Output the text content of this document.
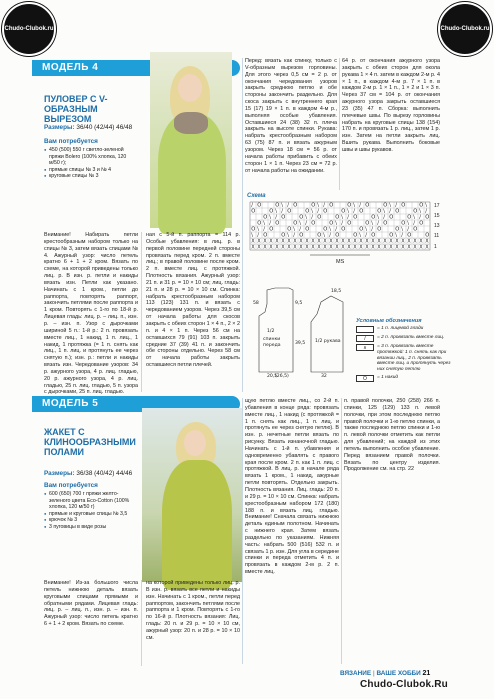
Chudo-Clubok.ru	Chudo-Clubok.ru
МОДЕЛЬ 4
ПУЛОВЕР С V-ОБРАЗНЫМ ВЫРЕЗОМ
Размеры: 36/40 (42/44) 46/48
Вам потребуется
● 450 (500) 550 г светло-зеленой пряжи Bolero (100% хлопка, 120 м/50 г);
● прямые спицы № 3 и № 4
● круговые спицы № 3
Внимание! Набирать петли крестообразным набором только на спицы № 3, затем вязать спицами № 4. Ажурный узор: число петель кратно 6 + 1 + 2 кром. Вязать по схеме, на которой приведены только лиц. р. В изн. р. петли и накиды вязать изн. Петли как указано. Начинать с 1 кром., петли до раппорта, повторять раппорт, закончить петлями после раппорта и 1 кром. Повторять с 1-го по 18-й р. Лицевая гладь: лиц. р. – лиц. п., изн. р. – изн. п. Узор с дырочками шириной 5 п.: 1-й р.: 2 п. провязать вместе лиц., 1 накид, 1 п. лиц., 1 накид, 1 протяжка (= 1 п. снять как лиц., 1 п. лиц. и протянуть ее через снятую п.); изн. р.: петли и накиды вязать изн. Чередование узоров: 34 р. ажурного узора, 4 р. лиц. гладью, 20 р. ажурного узора, 4 р. лиц. гладью, 25 п. лиц. гладью, 5 п. узора с дырочками, 25 п. лиц. гладью.
ная с 5-й п. раппорта = 114 р. Особые убавления: в лиц. р. в первой половине передней стороны провязать перед кром. 2 п. вместе лиц.; в правой половине после кром. 2 п. вместе лиц. с протяжкой. Плотность вязания. Ажурный узор: 21 п. и 31 р. = 10 × 10 см; лиц. гладь: 21 п. и 28 р. = 10 × 10 см. Спинка: набрать крестообразным набором 113 (123) 131 п. и вязать с чередованием узоров. Через 39,5 см от начала работы для скосов закрыть с обеих сторон 1 × 4 п., 2 × 2 п. и 4 × 1 п. Через 56 см на оставшихся 79 (91) 103 п. закрыть средние 37 (39) 41 п. и закончить обе стороны отдельно. Через 58 см от начала работы закрыть оставшиеся петли плечей.
Перед: вязать как спинку, только с V-образным вырезом горловины. Для этого через 0,5 см = 2 р. от окончания чередования узоров закрыть среднюю петлю и обе стороны закончить раздельно. Для скоса закрыть с внутреннего края 15 (17) 19 × 1 п. в каждом 4-м р., выполняя особые убавления. Оставшиеся 24 (38) 32 п. плеча закрыть на высоте спинки. Рукава: набрать крестообразным набором 63 (75) 87 п. и вязать ажурным узором. Через 18 см = 56 р. от начала работы прибавить с обеих сторон 1 × 1 п. Через 23 см = 72 р. от начала работы на ожидании.
64 р. от окончания ажурного узора закрыть с обеих сторон для окола рукава 1 × 4 п. затем в каждом 2-м р. 4 × 1 п., в каждом 4-м р. 7 × 1 п. в каждом 2-м р. 1 × 1 п., 1 × 2 и 1 × 3 п. Через 37 см = 104 р. от окончания ажурного узора закрыть оставшиеся 23 (35) 47 п. Сборка: выполнить плечевые швы. По вырезу горловины набрать на круговые спицы 138 (154) 170 п. и провязать 1 р. лиц., затем 1 р. изн. Затем на петли закрыть лиц. Вшить рукава. Выполнить боковые швы и швы рукавов.
Схема
/ O	O \ / O	O \ / O	O \ / O	O \ / O	O \
O	O \ / O	O \ / O	O \ / O	O \ / O	O \ /
O \ / O	O \ / O	O \ / O	O \ / O	O \ / O
O \ / O	O \ / O	O \ / O	O \ / O	O \ / O
O \ / O	O \ / O	O \ / O	O \ / O	O \ / O
\ / O	O \ / O	O \ / O	O \ / O	O \ / O	O
X X X X X X X X X X X X X X X X X X X X X X X X X X X X X X
X X X X X X X X X X X X X X X X X X X X X X X X X X X X X X
17
15
13
11
1
MS
1/2
спинки
переда
1/2 рукава
20,5
(26,5)	32
58	9,5
39,5
18,5
Условные обозначения
= 1 п. лицевой глади
/	= 2 п. провязать вместе лиц.
∧	= 3 п. провязать вместе протяжкой: 1 п. снять как при вязании лиц., 2 п. провязать вместе лиц. и протянуть через них снятую петлю
O	= 1 накид
МОДЕЛЬ 5
ЖАКЕТ С КЛИНООБРАЗНЫМИ ПОЛАМИ
Размеры: 36/38 (40/42) 44/46
Вам потребуется
● 600 (650) 700 г пряжи желто-зеленого цвета Eco-Cotton (100% хлопка, 120 м/50 г)
● прямые и круговые спицы № 3,5
● крючок № 3
● 3 пуговицы в виде розы
Внимание! Из-за большого числа петель нижнюю деталь вязать круговыми спицами прямыми и обратными рядами. Лицевая гладь: лиц. р. – лиц. п., изн. р. – изн. п. Ажурный узор: число петель кратно 6 + 1 + 2 кром. Вязать по схеме.
на которой приведены только лиц. р. В изн. р. вязать все петли и накиды изн. Начинать с 1 кром., петли перед раппортом, закончить петлями после раппорта и 1 кром. Повторять с 1-го по 16-й р. Плотность вязания: Лиц. гладь: 20 п. и 29 р. = 10 × 10 см, ажурный узор: 20 п. и 28 р. = 10 × 10 см.
щую петлю вместе лиц., со 2-й п. убавления в конце ряда: провязать вместе лиц., 1 накид (с протяжкой = 1 п. снять как лиц., 1 п. лиц. и протянуть ее через снятую петлю). В изн. р. нечетные петли вязать по рисунку. Вязать изнаночной гладью. Начинать с 1-й п. убавления и одновременно убавлять с правого края после кром. 2 п. как 1 п. лиц. с протяжкой. В лиц. р. в начале ряда вязать 1 кром., 1 накид, ажурные петли повторять. Отдельно закрыть. Плотность вязания. Лиц. гладь: 20 п. и 29 р. = 10 × 10 см. Спинка: набрать крестообразным набором 172 (180) 188 п. и вязать лиц. гладью. Внимание! Сначала связать нижнюю деталь единым полотном. Начинать с нижнего края. Затем вязать раздельно по указаниям. Нижняя часть: набрать 500 (516) 532 п. и связать 1 р. изн. Для угла в середине спинки и переда отметить 4 п. и провязать в каждом 2-м р. 2 п. вместе лиц.
п. правой полочки, 250 (258) 266 п. спинки, 125 (129) 133 п. левой полочки, при этом последнюю петлю правой полочки и 1-ю петлю спинки, а также последнюю петлю спинки и 1-ю п. левой полочки отметить как петли для убавлений; на каждой из этих петель выполнить особое убавление. Перед вязанием правой полочки. Вязать по центру изделия. Продолжение см. на стр. 22
ВЯЗАНИЕ | ВАШЕ ХОББИ 21
Chudo-Clubok.Ru
